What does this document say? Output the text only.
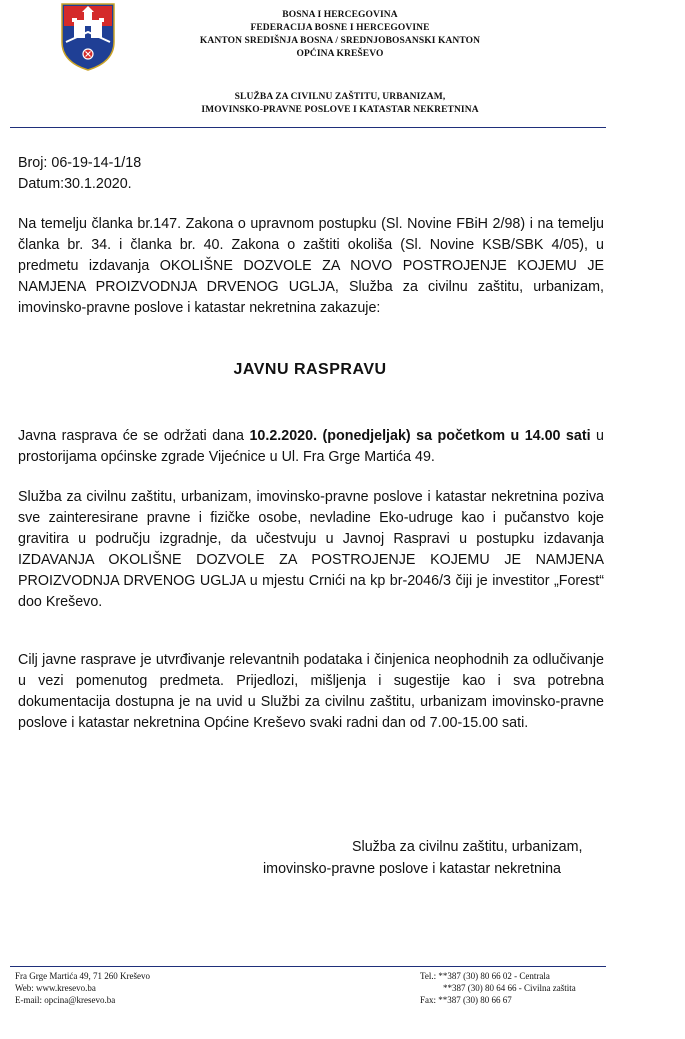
BOSNA I HERCEGOVINA
FEDERACIJA BOSNE I HERCEGOVINE
KANTON SREDIŠNJA BOSNA / SREDNJOBOSANSKI KANTON
OPĆINA KREŠEVO
SLUŽBA ZA CIVILNU ZAŠTITU, URBANIZAM,
IMOVINSKO-PRAVNE POSLOVE I KATASTAR NEKRETNINA
Broj: 06-19-14-1/18
Datum:30.1.2020.
Na temelju članka br.147. Zakona o upravnom postupku (Sl. Novine FBiH 2/98) i na temelju članka br. 34. i članka br. 40. Zakona o zaštiti okoliša (Sl. Novine KSB/SBK 4/05), u predmetu izdavanja OKOLIŠNE DOZVOLE ZA NOVO POSTROJENJE KOJEMU JE NAMJENA PROIZVODNJA DRVENOG UGLJA, Služba za civilnu zaštitu, urbanizam, imovinsko-pravne poslove i katastar nekretnina zakazuje:
JAVNU RASPRAVU
Javna rasprava će se održati dana 10.2.2020. (ponedjeljak) sa početkom u 14.00 sati u prostorijama općinske zgrade Vijećnice u Ul. Fra Grge Martića 49.
Služba za civilnu zaštitu, urbanizam, imovinsko-pravne poslove i katastar nekretnina poziva sve zainteresirane pravne i fizičke osobe, nevladine Eko-udruge kao i pučanstvo koje gravitira u području izgradnje, da učestvuju u Javnoj Raspravi u postupku izdavanja IZDAVANJA OKOLIŠNE DOZVOLE ZA POSTROJENJE KOJEMU JE NAMJENA PROIZVODNJA DRVENOG UGLJA u mjestu Crnići na kp br-2046/3 čiji je investitor „Forest“ doo Kreševo.
Cilj javne rasprave je utvrđivanje relevantnih podataka i činjenica neophodnih za odlučivanje u vezi pomenutog predmeta. Prijedlozi, mišljenja i sugestije kao i sva potrebna dokumentacija dostupna je na uvid u Službi za civilnu zaštitu, urbanizam imovinsko-pravne poslove i katastar nekretnina Općine Kreševo svaki radni dan od 7.00-15.00 sati.
Služba za civilnu zaštitu, urbanizam,
imovinsko-pravne poslove i katastar nekretnina
Fra Grge Martića 49, 71 260 Kreševo
Web: www.kresevo.ba
E-mail: opcina@kresevo.ba
Tel.: **387 (30) 80 66 02 - Centrala
**387 (30) 80 64 66 - Civilna zaštita
Fax: **387 (30) 80 66 67
